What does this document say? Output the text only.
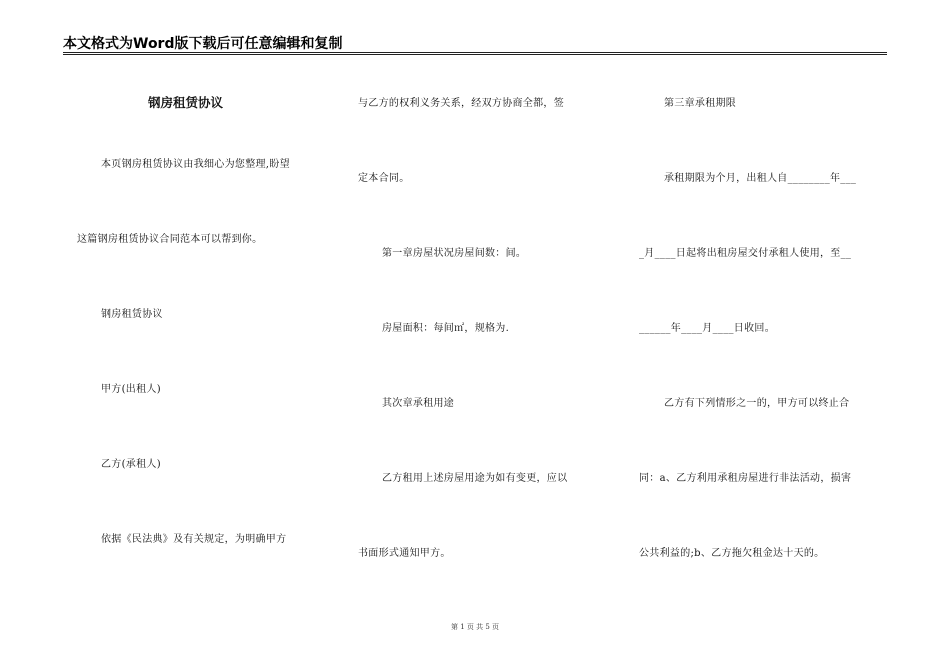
本文格式为Word版下载后可任意编辑和复制
钢房租赁协议
本页钢房租赁协议由我细心为您整理,盼望
这篇钢房租赁协议合同范本可以帮到你。
钢房租赁协议
甲方(出租人)
乙方(承租人)
依据《民法典》及有关规定，为明确甲方
与乙方的权利义务关系，经双方协商全都，签
定本合同。
第一章房屋状况房屋间数：间。
房屋面积：每间㎡，规格为.
其次章承租用途
乙方租用上述房屋用途为如有变更，应以
书面形式通知甲方。
第三章承租期限
承租期限为个月，出租人自________年___
_月____日起将出租房屋交付承租人使用，至__
______年____月____日收回。
乙方有下列情形之一的，甲方可以终止合
同：a、乙方利用承租房屋进行非法活动，损害
公共利益的;b、乙方拖欠租金达十天的。
第 1 页 共 5 页
